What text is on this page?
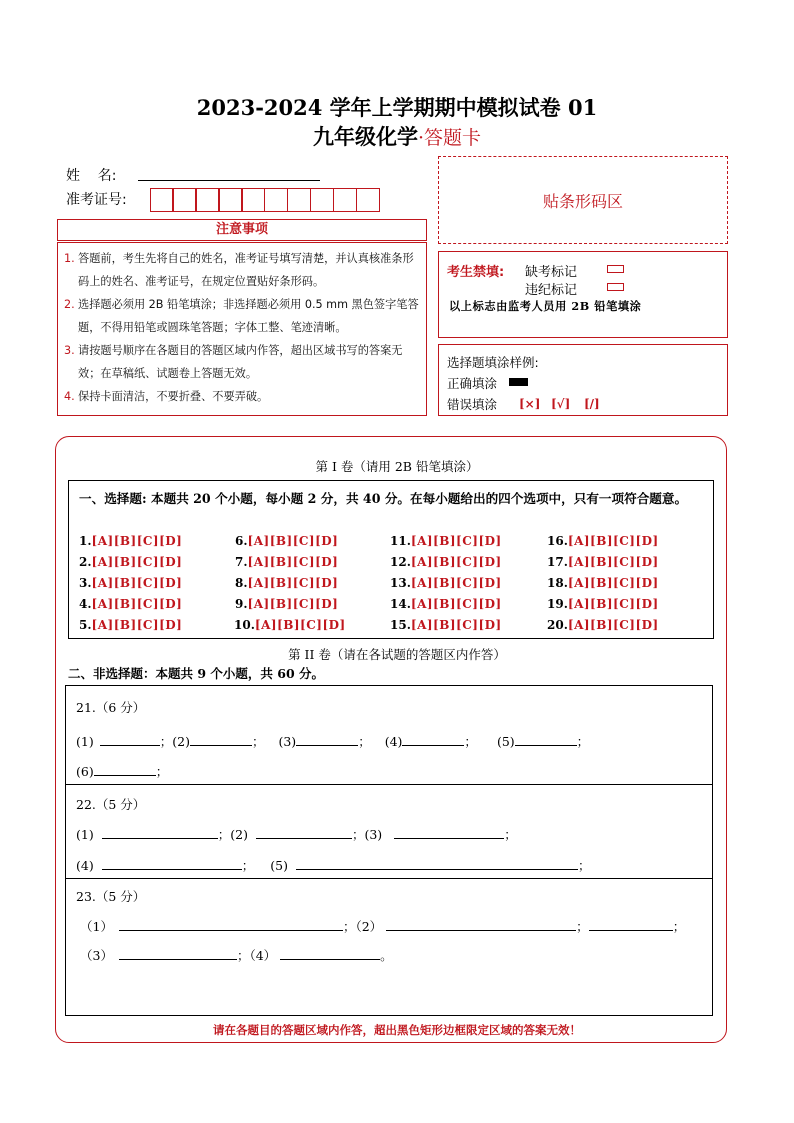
2023-2024 学年上学期期中模拟试卷 01
九年级化学·答题卡
姓    名:
准考证号:	贴条形码区
注意事项
1. 答题前，考生先将自己的姓名，准考证号填写清楚，并认真核准条形码上的姓名、准考证号，在规定位置贴好条形码。
2. 选择题必须用 2B 铅笔填涂；非选择题必须用 0.5 mm 黑色签字笔答题，不得用铅笔或圆珠笔答题；字体工整、笔迹清晰。
3. 请按题号顺序在各题目的答题区域内作答，超出区域书写的答案无效；在草稿纸、试题卷上答题无效。
4. 保持卡面清洁，不要折叠、不要弄破。
考生禁填: 缺考标记
违纪标记
以上标志由监考人员用 2B 铅笔填涂
选择题填涂样例:
正确填涂
错误填涂 [×] [√] [/]
第 I 卷（请用 2B 铅笔填涂）
一、选择题: 本题共 20 个小题，每小题 2 分，共 40 分。在每小题给出的四个选项中，只有一项符合题意。
1.[A][B][C][D]
2.[A][B][C][D]
3.[A][B][C][D]
4.[A][B][C][D]
5.[A][B][C][D]
6.[A][B][C][D]
7.[A][B][C][D]
8.[A][B][C][D]
9.[A][B][C][D]
10.[A][B][C][D]
11.[A][B][C][D]
12.[A][B][C][D]
13.[A][B][C][D]
14.[A][B][C][D]
15.[A][B][C][D]
16.[A][B][C][D]
17.[A][B][C][D]
18.[A][B][C][D]
19.[A][B][C][D]
20.[A][B][C][D]
第 II 卷（请在各试题的答题区内作答）
二、非选择题：本题共 9 个小题，共 60 分。
21.（6 分）
(1)	；(2)	； (3)	； (4)	； (5)	；
(6)	；
22.（5 分）
(1)	；(2)	；(3)	；
(4)	； (5)	；
23.（5 分）
（1）	；（2）	；	；
（3）	；（4）	。
请在各题目的答题区域内作答，超出黑色矩形边框限定区域的答案无效！
